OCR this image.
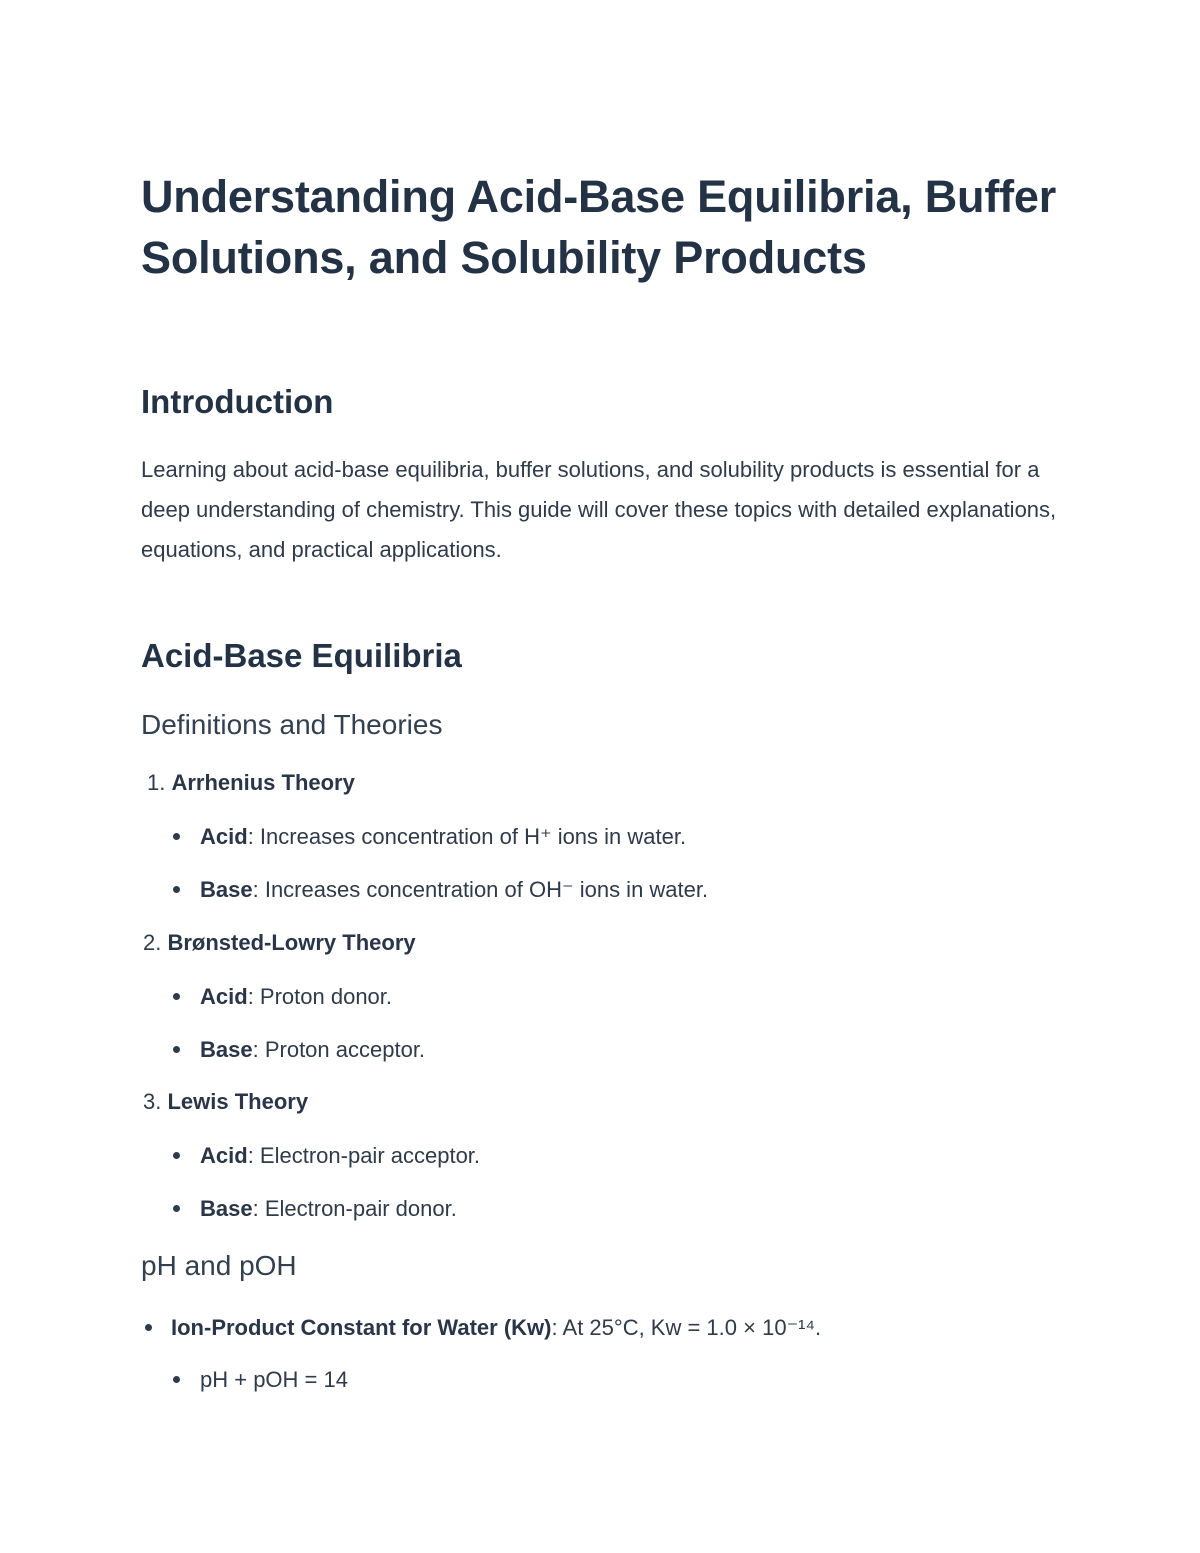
Understanding Acid-Base Equilibria, Buffer Solutions, and Solubility Products
Introduction

Learning about acid-base equilibria, buffer solutions, and solubility products is essential for a deep understanding of chemistry. This guide will cover these topics with detailed explanations, equations, and practical applications.

Acid-Base Equilibria
Definitions and Theories
1. Arrhenius Theory
Acid: Increases concentration of H⁺ ions in water.
Base: Increases concentration of OH⁻ ions in water.
2. Brønsted-Lowry Theory
Acid: Proton donor.
Base: Proton acceptor.
3. Lewis Theory
Acid: Electron-pair acceptor.
Base: Electron-pair donor.
pH and pOH
Ion-Product Constant for Water (Kw): At 25°C, Kw = 1.0 × 10⁻¹⁴.
pH + pOH = 14
